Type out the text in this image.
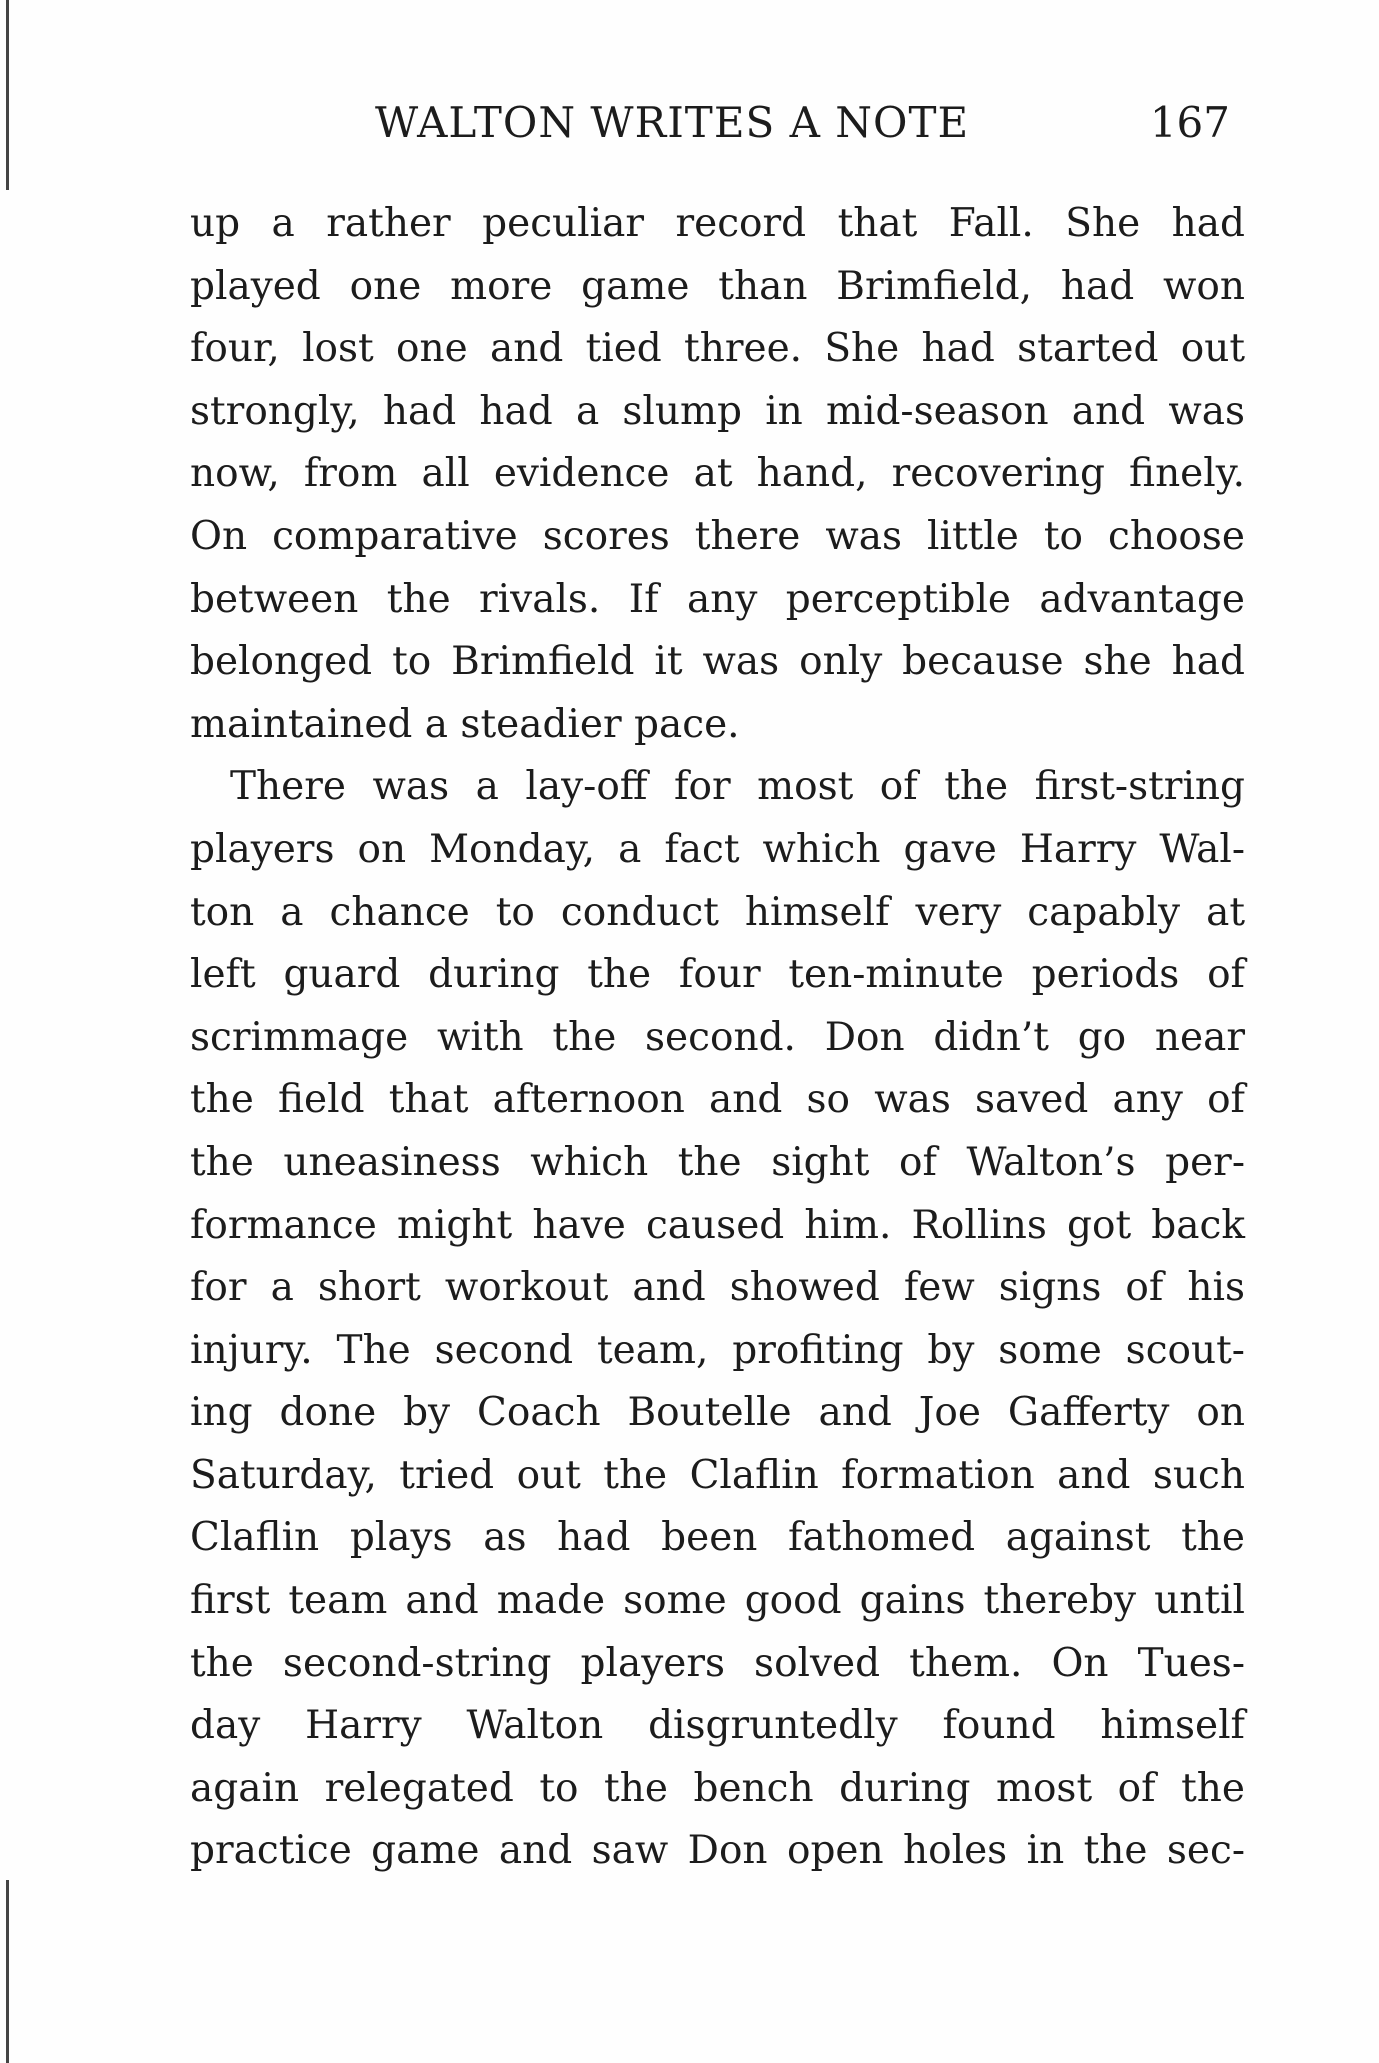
WALTON WRITES A NOTE	167
up a rather peculiar record that Fall. She had
played one more game than Brimfield, had won
four, lost one and tied three. She had started out
strongly, had had a slump in mid-season and was
now, from all evidence at hand, recovering finely.
On comparative scores there was little to choose
between the rivals. If any perceptible advantage
belonged to Brimfield it was only because she had
maintained a steadier pace.
There was a lay-off for most of the first-string
players on Monday, a fact which gave Harry Wal-
ton a chance to conduct himself very capably at
left guard during the four ten-minute periods of
scrimmage with the second. Don didn’t go near
the field that afternoon and so was saved any of
the uneasiness which the sight of Walton’s per-
formance might have caused him. Rollins got back
for a short workout and showed few signs of his
injury. The second team, profiting by some scout-
ing done by Coach Boutelle and Joe Gafferty on
Saturday, tried out the Claflin formation and such
Claflin plays as had been fathomed against the
first team and made some good gains thereby until
the second-string players solved them. On Tues-
day Harry Walton disgruntedly found himself
again relegated to the bench during most of the
practice game and saw Don open holes in the sec-
